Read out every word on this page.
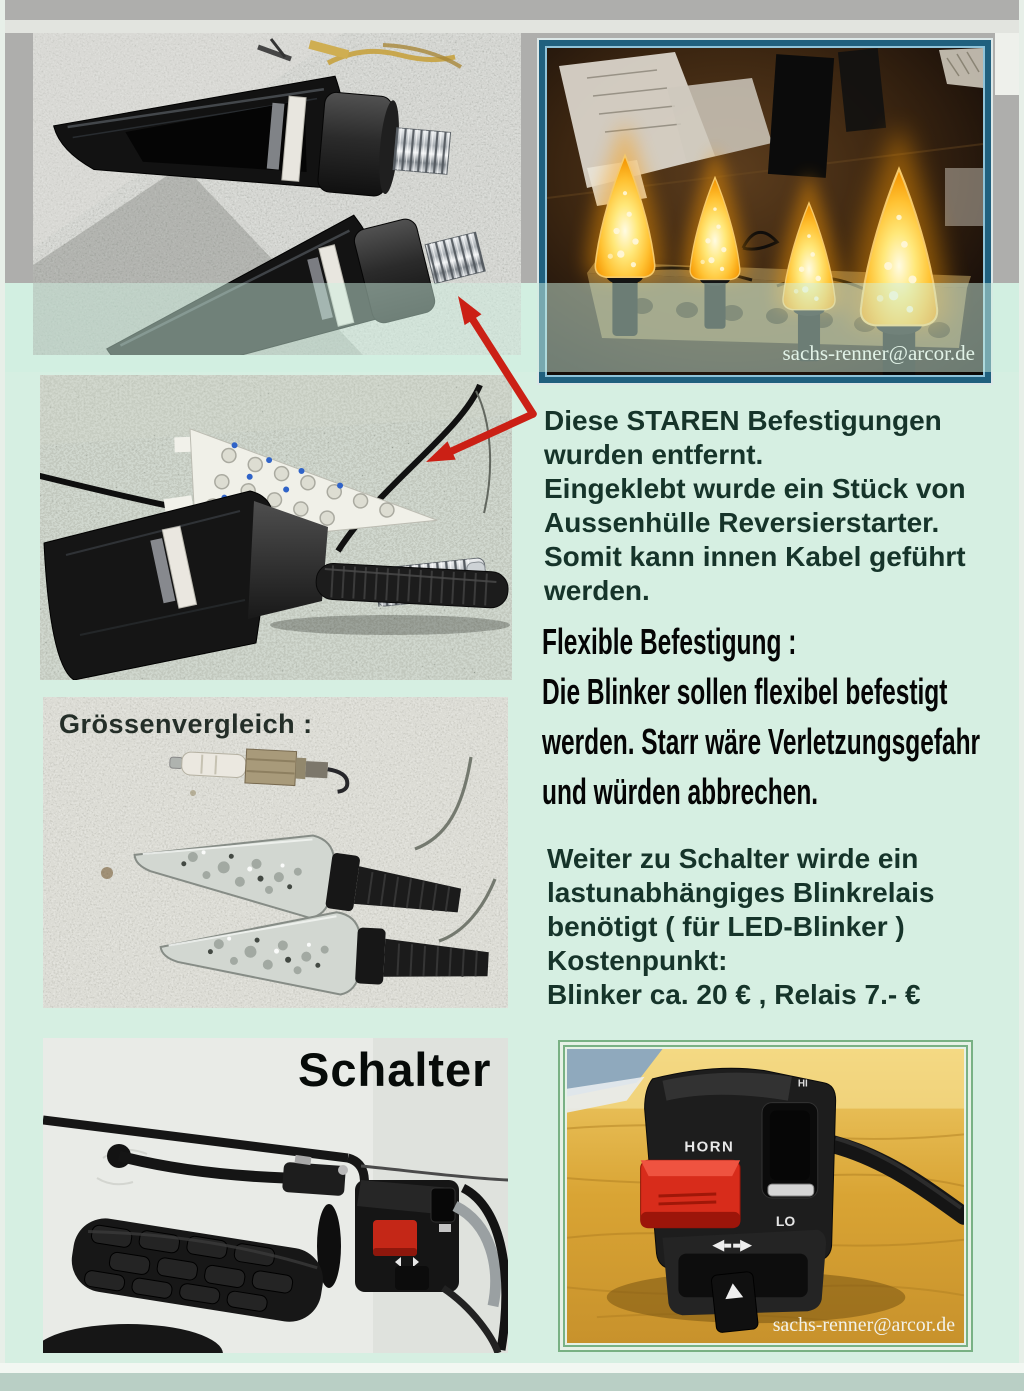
Grössenvergleich :
HI
HORN
LO
sachs-renner@arcor.de
Diese STAREN Befestigungen
wurden entfernt.
Eingeklebt wurde ein Stück von
Aussenhülle Reversierstarter.
Somit kann innen Kabel geführt
werden.
Flexible Befestigung :
Die Blinker sollen flexibel befestigt
werden. Starr wäre Verletzungsgefahr
und würden abbrechen.
Weiter zu Schalter wirde ein
lastunabhängiges Blinkrelais
benötigt ( für LED-Blinker )
Kostenpunkt:
Blinker ca. 20 € , Relais 7.- €
Schalter
